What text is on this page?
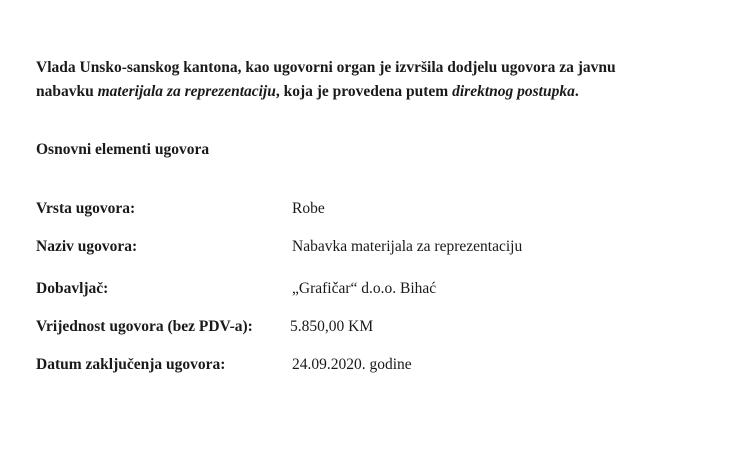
Vlada Unsko-sanskog kantona, kao ugovorni organ je izvršila dodjelu ugovora za javnu
nabavku materijala za reprezentaciju, koja je provedena putem direktnog postupka.
Osnovni elementi ugovora
Vrsta ugovora:	Robe
Naziv ugovora:	Nabavka materijala za reprezentaciju
Dobavljač:	„Grafičar“ d.o.o. Bihać
Vrijednost ugovora (bez PDV-a): 5.850,00 KM
Datum zaključenja ugovora:	24.09.2020. godine
